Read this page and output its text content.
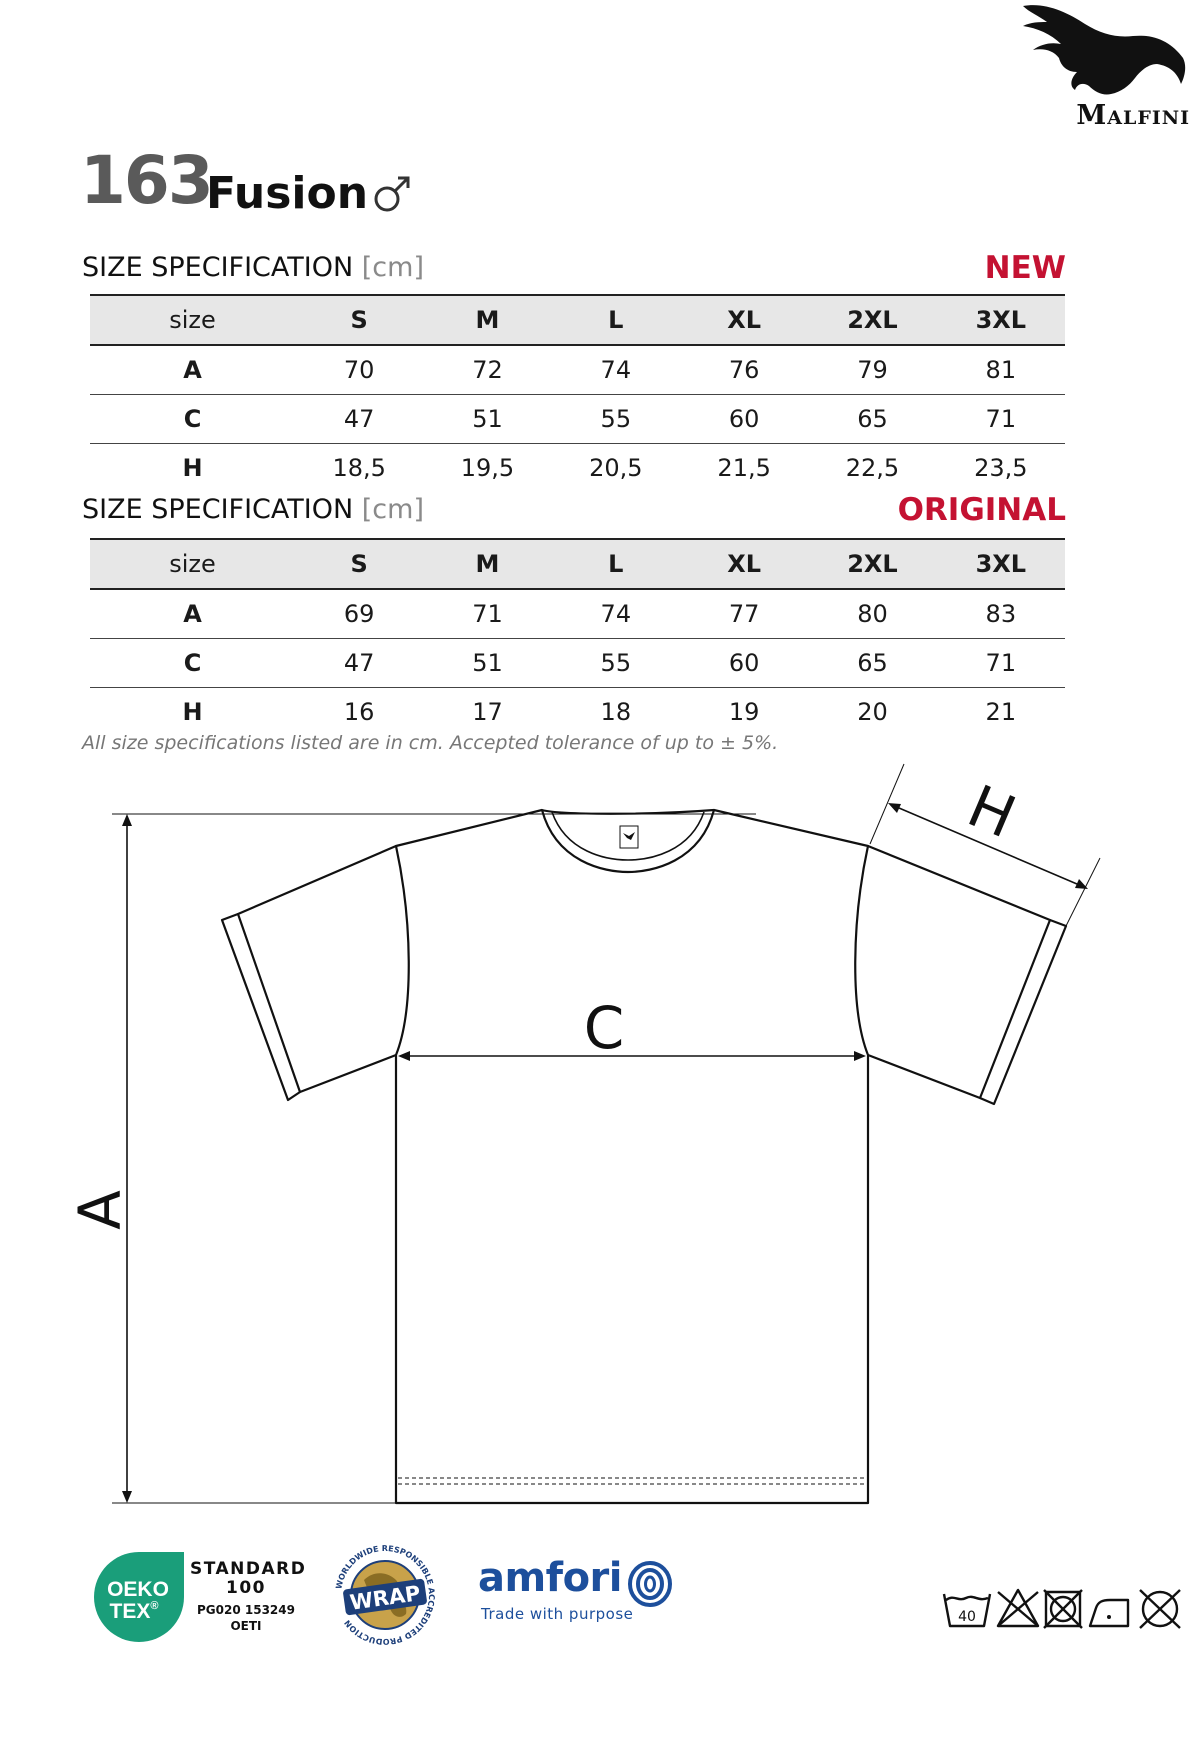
Malfini
163
Fusion
SIZE SPECIFICATION [cm]	NEW
size	S	M	L	XL	2XL	3XL
A	70	72	74	76	79	81
C	47	51	55	60	65	71
H	18,5	19,5	20,5	21,5	22,5	23,5
SIZE SPECIFICATION [cm]	ORIGINAL
size	S	M	L	XL	2XL	3XL
A	69	71	74	77	80	83
C	47	51	55	60	65	71
H	16	17	18	19	20	21
All size specifications listed are in cm. Accepted tolerance of up to ± 5%.
A
C
H
OEKO
TEX®
STANDARD
100
PG020 153249
OETI
WRAP
WORLDWIDE RESPONSIBLE ACCREDITED PRODUCTION
amfori
Trade with purpose	40
